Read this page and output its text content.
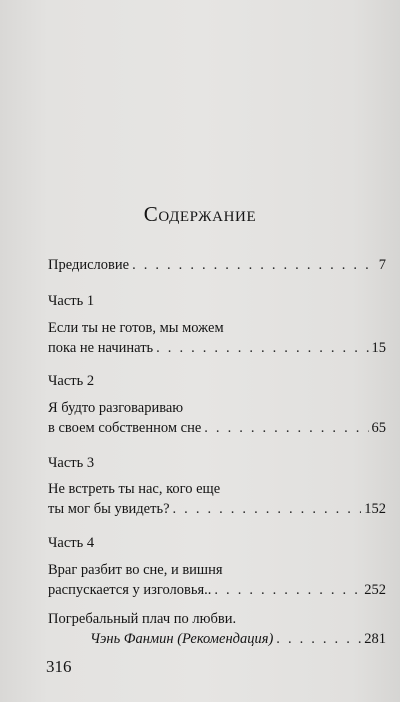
Содержание
Предисловие . . .	7
Часть 1
Если ты не готов, мы можем
пока не начинать . . .	15
Часть 2
Я будто разговариваю
в своем собственном сне . . .	65
Часть 3
Не встреть ты нас, кого еще
ты мог бы увидеть? . . .	152
Часть 4
Враг разбит во сне, и вишня
распускается у изголовья.. . . .	252
Погребальный плач по любви.
Чэнь Фанмин (Рекомендация) . . .	281
316
